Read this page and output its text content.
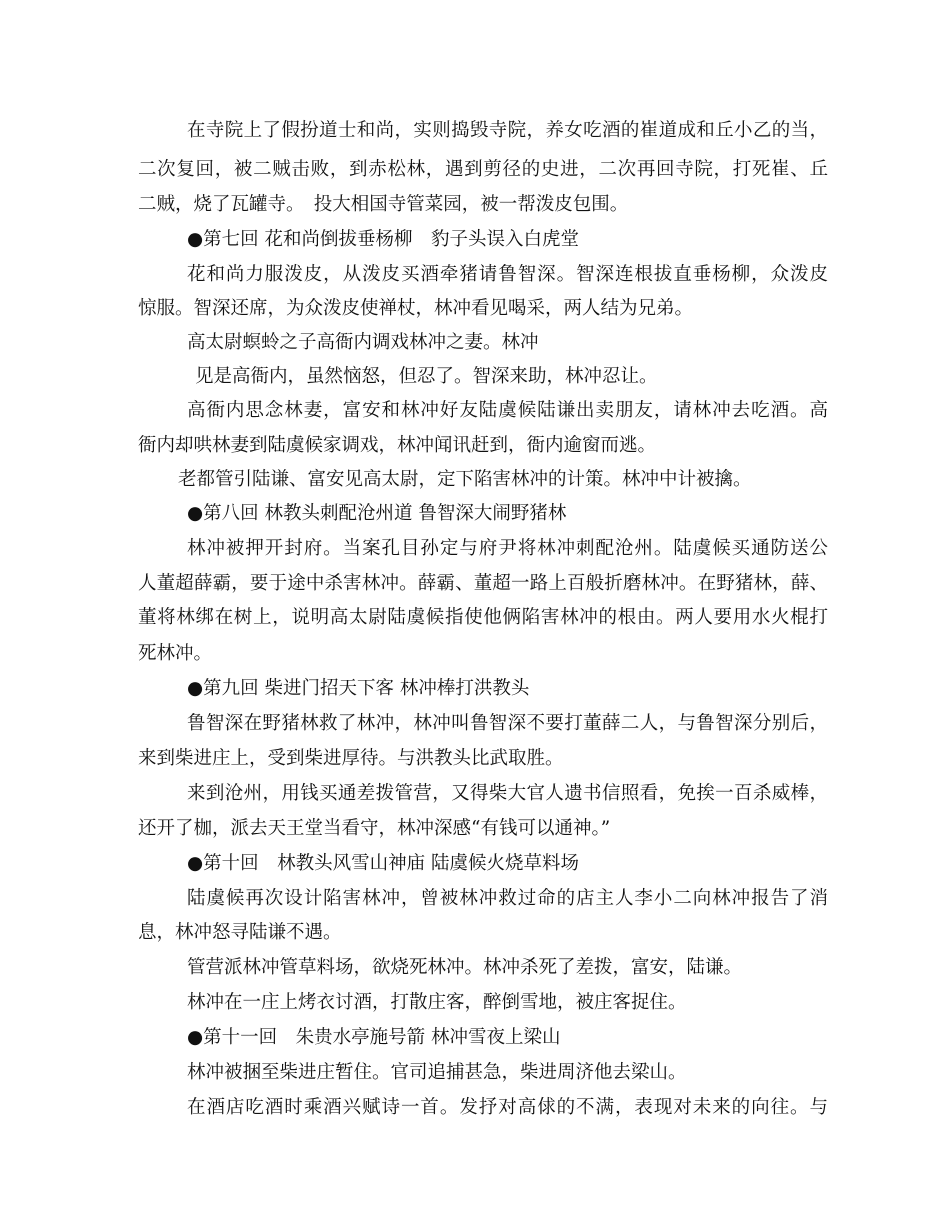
在寺院上了假扮道士和尚，实则捣毁寺院，养女吃酒的崔道成和丘小乙的当，
二次复回，被二贼击败，到赤松林，遇到剪径的史进，二次再回寺院，打死崔、丘
二贼，烧了瓦罐寺。　投大相国寺管菜园，被一帮泼皮包围。
●第七回 花和尚倒拔垂杨柳　豹子头误入白虎堂
花和尚力服泼皮，从泼皮买酒牵猪请鲁智深。智深连根拔直垂杨柳，众泼皮
惊服。智深还席，为众泼皮使禅杖，林冲看见喝采，两人结为兄弟。
高太尉螟蛉之子高衙内调戏林冲之妻。林冲
见是高衙内，虽然恼怒，但忍了。智深来助，林冲忍让。
高衙内思念林妻，富安和林冲好友陆虞候陆谦出卖朋友，请林冲去吃酒。高
衙内却哄林妻到陆虞候家调戏，林冲闻讯赶到，衙内逾窗而逃。
老都管引陆谦、富安见高太尉，定下陷害林冲的计策。林冲中计被擒。
●第八回 林教头刺配沧州道 鲁智深大闹野猪林
林冲被押开封府。当案孔目孙定与府尹将林冲刺配沧州。陆虞候买通防送公
人董超薛霸，要于途中杀害林冲。薛霸、董超一路上百般折磨林冲。在野猪林，薛、
董将林绑在树上，说明高太尉陆虞候指使他俩陷害林冲的根由。两人要用水火棍打
死林冲。
●第九回 柴进门招天下客 林冲棒打洪教头
鲁智深在野猪林救了林冲，林冲叫鲁智深不要打董薛二人，与鲁智深分别后，
来到柴进庄上，受到柴进厚待。与洪教头比武取胜。
来到沧州，用钱买通差拨管营，又得柴大官人遗书信照看，免挨一百杀威棒，
还开了枷，派去天王堂当看守，林冲深感“有钱可以通神。”
●第十回　林教头风雪山神庙 陆虞候火烧草料场
陆虞候再次设计陷害林冲，曾被林冲救过命的店主人李小二向林冲报告了消
息，林冲怒寻陆谦不遇。
管营派林冲管草料场，欲烧死林冲。林冲杀死了差拨，富安，陆谦。
林冲在一庄上烤衣讨酒，打散庄客，醉倒雪地，被庄客捉住。
●第十一回　朱贵水亭施号箭 林冲雪夜上梁山
林冲被捆至柴进庄暂住。官司追捕甚急，柴进周济他去梁山。
在酒店吃酒时乘酒兴赋诗一首。发抒对高俅的不满，表现对未来的向往。与
